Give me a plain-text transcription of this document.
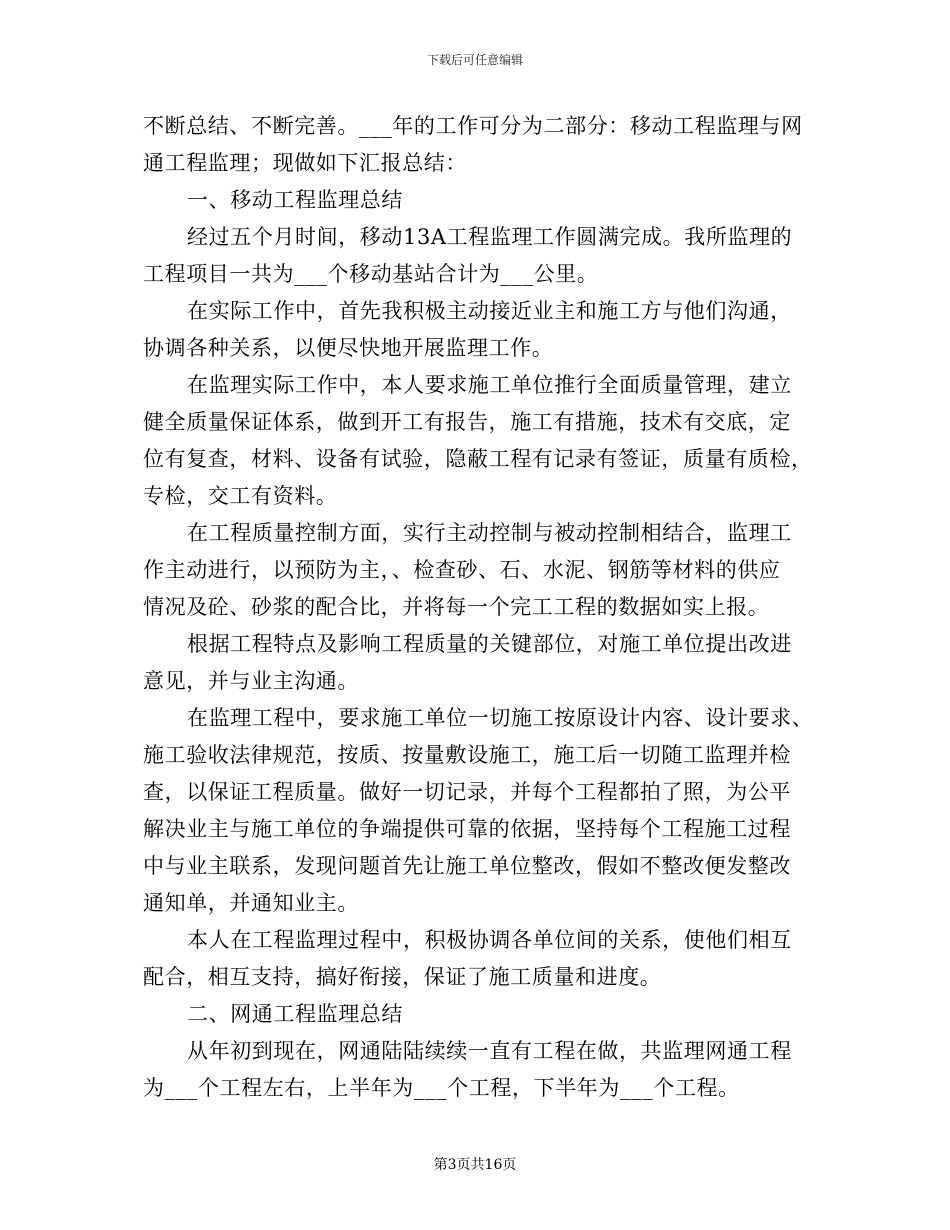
下载后可任意编辑
不断总结、不断完善。___年的工作可分为二部分：移动工程监理与网
通工程监理；现做如下汇报总结：
一、移动工程监理总结
经过五个月时间，移动13A工程监理工作圆满完成。我所监理的
工程项目一共为___个移动基站合计为___公里。
在实际工作中，首先我积极主动接近业主和施工方与他们沟通，
协调各种关系，以便尽快地开展监理工作。
在监理实际工作中，本人要求施工单位推行全面质量管理，建立
健全质量保证体系，做到开工有报告，施工有措施，技术有交底，定
位有复查，材料、设备有试验，隐蔽工程有记录有签证，质量有质检，
专检，交工有资料。
在工程质量控制方面，实行主动控制与被动控制相结合，监理工
作主动进行，以预防为主，、检查砂、石、水泥、钢筋等材料的供应
情况及砼、砂浆的配合比，并将每一个完工工程的数据如实上报。
根据工程特点及影响工程质量的关键部位，对施工单位提出改进
意见，并与业主沟通。
在监理工程中，要求施工单位一切施工按原设计内容、设计要求、
施工验收法律规范，按质、按量敷设施工，施工后一切随工监理并检
查，以保证工程质量。做好一切记录，并每个工程都拍了照，为公平
解决业主与施工单位的争端提供可靠的依据，坚持每个工程施工过程
中与业主联系，发现问题首先让施工单位整改，假如不整改便发整改
通知单，并通知业主。
本人在工程监理过程中，积极协调各单位间的关系，使他们相互
配合，相互支持，搞好衔接，保证了施工质量和进度。
二、网通工程监理总结
从年初到现在，网通陆陆续续一直有工程在做，共监理网通工程
为___个工程左右，上半年为___个工程，下半年为___个工程。
第3页共16页
